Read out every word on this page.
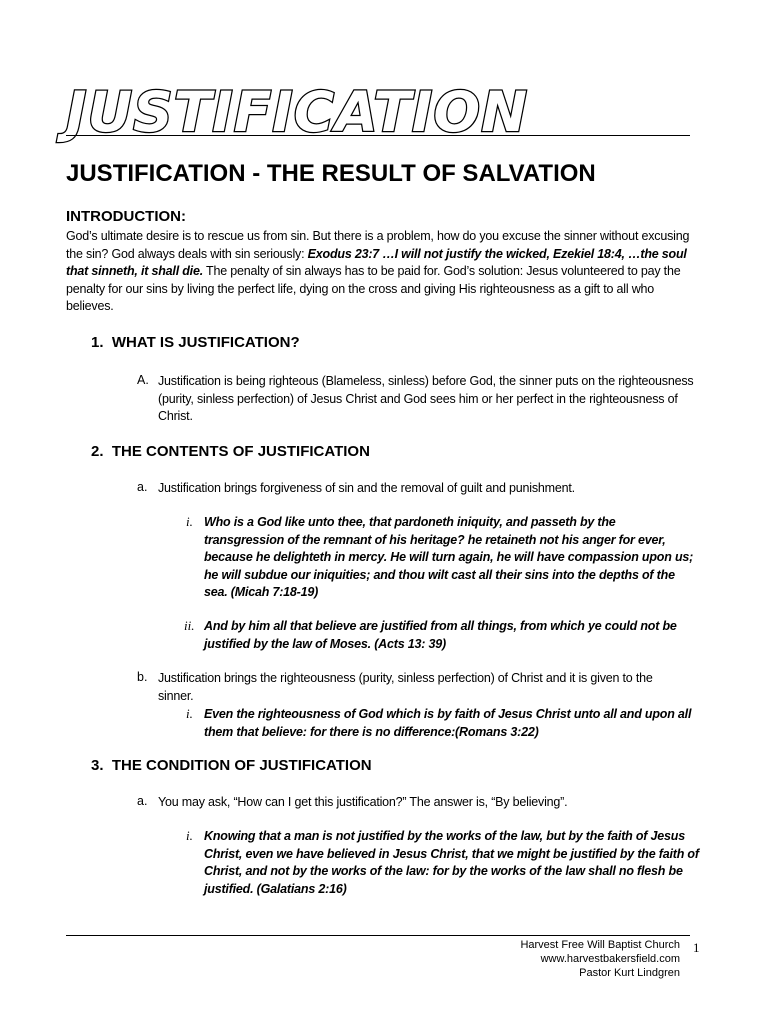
JUSTIFICATION
JUSTIFICATION - THE RESULT OF SALVATION
INTRODUCTION:
God’s ultimate desire is to rescue us from sin. But there is a problem, how do you excuse the sinner without excusing the sin? God always deals with sin seriously: Exodus 23:7 …I will not justify the wicked, Ezekiel 18:4, …the soul that sinneth, it shall die. The penalty of sin always has to be paid for. God’s solution: Jesus volunteered to pay the penalty for our sins by living the perfect life, dying on the cross and giving His righteousness as a gift to all who believes.
1. WHAT IS JUSTIFICATION?
A. Justification is being righteous (Blameless, sinless) before God, the sinner puts on the righteousness (purity, sinless perfection) of Jesus Christ and God sees him or her perfect in the righteousness of Christ.
2. THE CONTENTS OF JUSTIFICATION
a. Justification brings forgiveness of sin and the removal of guilt and punishment.
i. Who is a God like unto thee, that pardoneth iniquity, and passeth by the transgression of the remnant of his heritage? he retaineth not his anger for ever, because he delighteth in mercy. He will turn again, he will have compassion upon us; he will subdue our iniquities; and thou wilt cast all their sins into the depths of the sea. (Micah 7:18-19)
ii. And by him all that believe are justified from all things, from which ye could not be justified by the law of Moses. (Acts 13: 39)
b. Justification brings the righteousness (purity, sinless perfection) of Christ and it is given to the sinner.
i. Even the righteousness of God which is by faith of Jesus Christ unto all and upon all them that believe: for there is no difference:(Romans 3:22)
3. THE CONDITION OF JUSTIFICATION
a. You may ask, “How can I get this justification?” The answer is, “By believing”.
i. Knowing that a man is not justified by the works of the law, but by the faith of Jesus Christ, even we have believed in Jesus Christ, that we might be justified by the faith of Christ, and not by the works of the law: for by the works of the law shall no flesh be justified. (Galatians 2:16)
Harvest Free Will Baptist Church
www.harvestbakersfield.com
Pastor Kurt Lindgren
1
